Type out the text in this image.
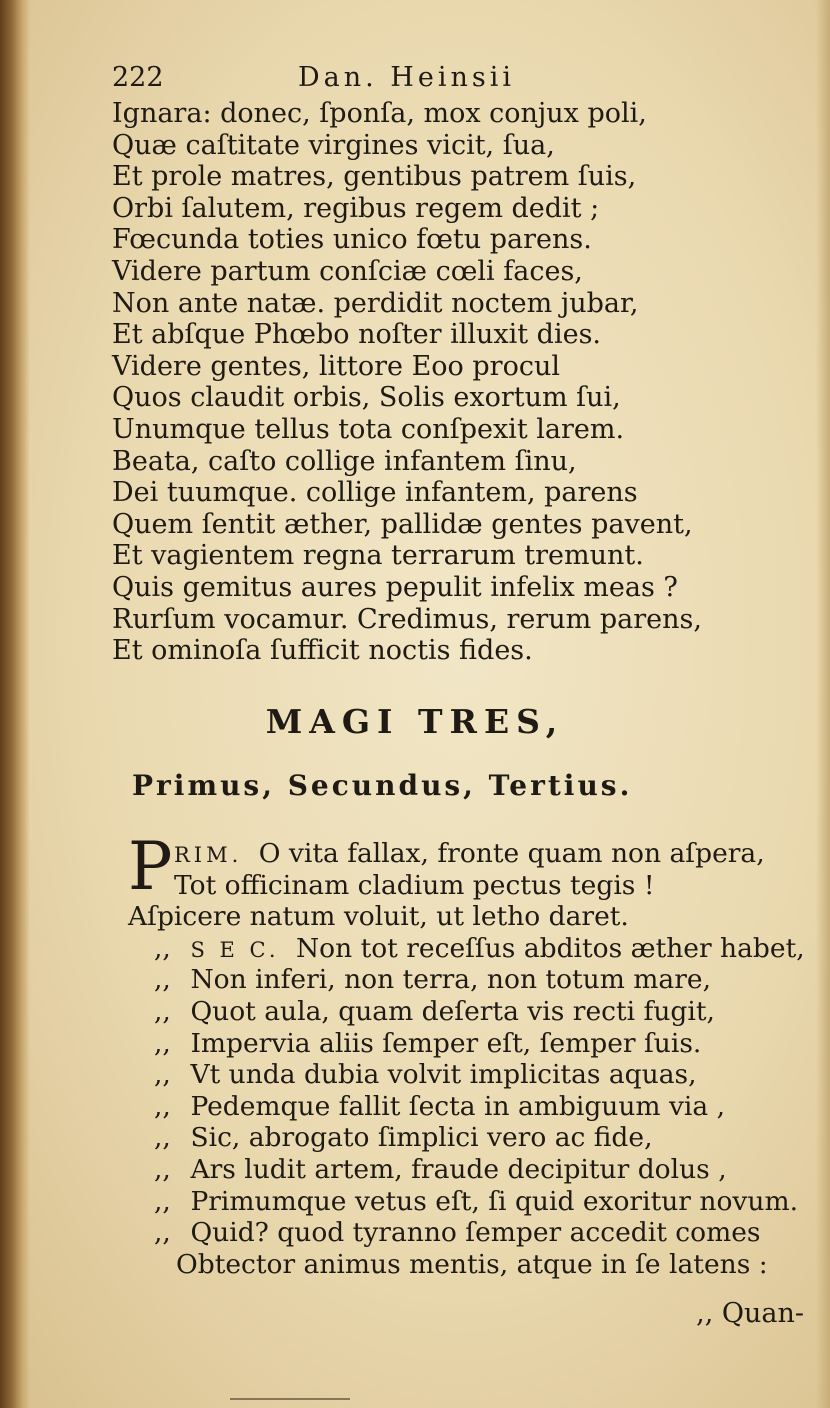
222	Dan. Heinsii
Ignara: donec, ſponſa, mox conjux poli,
Quæ caſtitate virgines vicit, ſua,
Et prole matres, gentibus patrem ſuis,
Orbi ſalutem, regibus regem dedit ;
Fœcunda toties unico fœtu parens.
Videre partum conſciæ cœli faces,
Non ante natæ. perdidit noctem jubar,
Et abſque Phœbo noſter illuxit dies.
Videre gentes, littore Eoo procul
Quos claudit orbis, Solis exortum ſui,
Unumque tellus tota conſpexit larem.
Beata, caſto collige infantem ſinu,
Dei tuumque. collige infantem, parens
Quem ſentit æther, pallidæ gentes pavent,
Et vagientem regna terrarum tremunt.
Quis gemitus aures pepulit infelix meas ?
Rurſum vocamur. Credimus, rerum parens,
Et ominoſa ſufficit noctis fides.
MAGI TRES,
Primus, Secundus, Tertius.
P RIM. O vita fallax, fronte quam non aſpera,
Tot officinam cladium pectus tegis !
Aſpicere natum voluit, ut letho daret.
,, S E C. Non tot receſſus abditos æther habet,
,, Non inferi, non terra, non totum mare,
,, Quot aula, quam deſerta vis recti fugit,
,, Impervia aliis ſemper eſt, ſemper ſuis.
,, Vt unda dubia volvit implicitas aquas,
,, Pedemque fallit ſecta in ambiguum via ,
,, Sic, abrogato ſimplici vero ac fide,
,, Ars ludit artem, fraude decipitur dolus ,
,, Primumque vetus eſt, ſi quid exoritur novum.
,, Quid? quod tyranno ſemper accedit comes
Obtector animus mentis, atque in ſe latens :
,, Quan-
